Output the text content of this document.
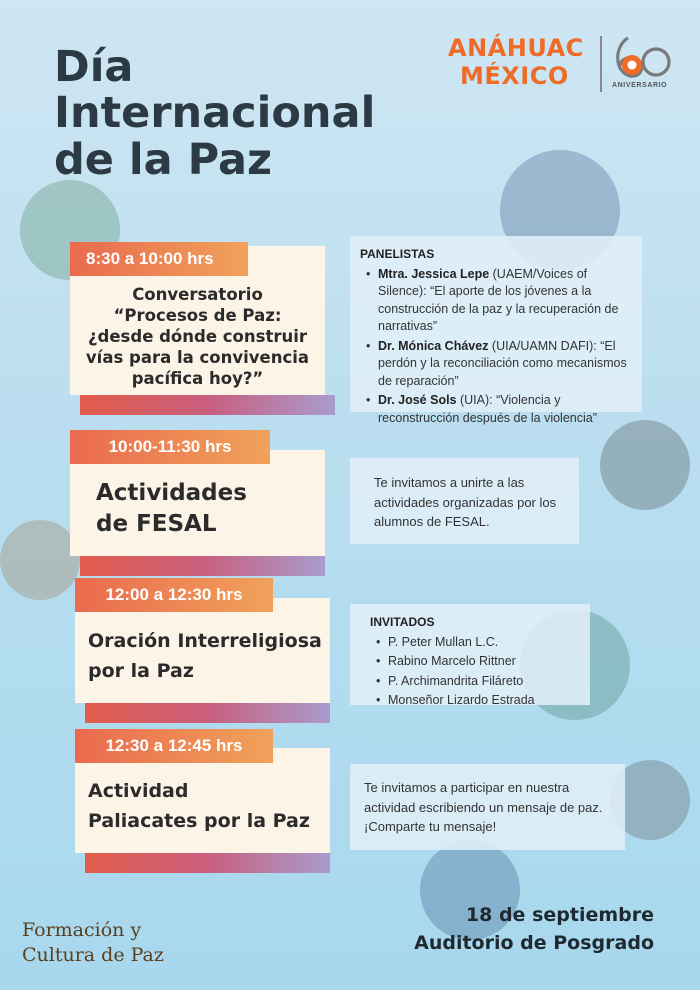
Día
Internacional
de la Paz
ANÁHUAC
MÉXICO	ANIVERSARIO
Conversatorio “Procesos de Paz: ¿desde dónde construir vías para la convivencia pacífica hoy?”
8:30 a 10:00 hrs	PANELISTAS
• Mtra. Jessica Lepe (UAEM/Voices of Silence): “El aporte de los jóvenes a la construcción de la paz y la recuperación de narrativas”
• Dr. Mónica Chávez (UIA/UAMN DAFI): “El perdón y la reconciliación como mecanismos de reparación”
• Dr. José Sols (UIA): “Violencia y reconstrucción después de la violencia”
Actividades
de FESAL
10:00-11:30 hrs
Te invitamos a unirte a las actividades organizadas por los alumnos de FESAL.
Oración Interreligiosa
por la Paz
12:00 a 12:30 hrs
INVITADOS
• P. Peter Mullan L.C.
• Rabino Marcelo Rittner
• P. Archimandrita Filáreto
• Monseñor Lizardo Estrada
Actividad
Paliacates por la Paz
12:30 a 12:45 hrs
Te invitamos a participar en nuestra actividad escribiendo un mensaje de paz. ¡Comparte tu mensaje!
Formación y
Cultura de Paz
18 de septiembre
Auditorio de Posgrado
